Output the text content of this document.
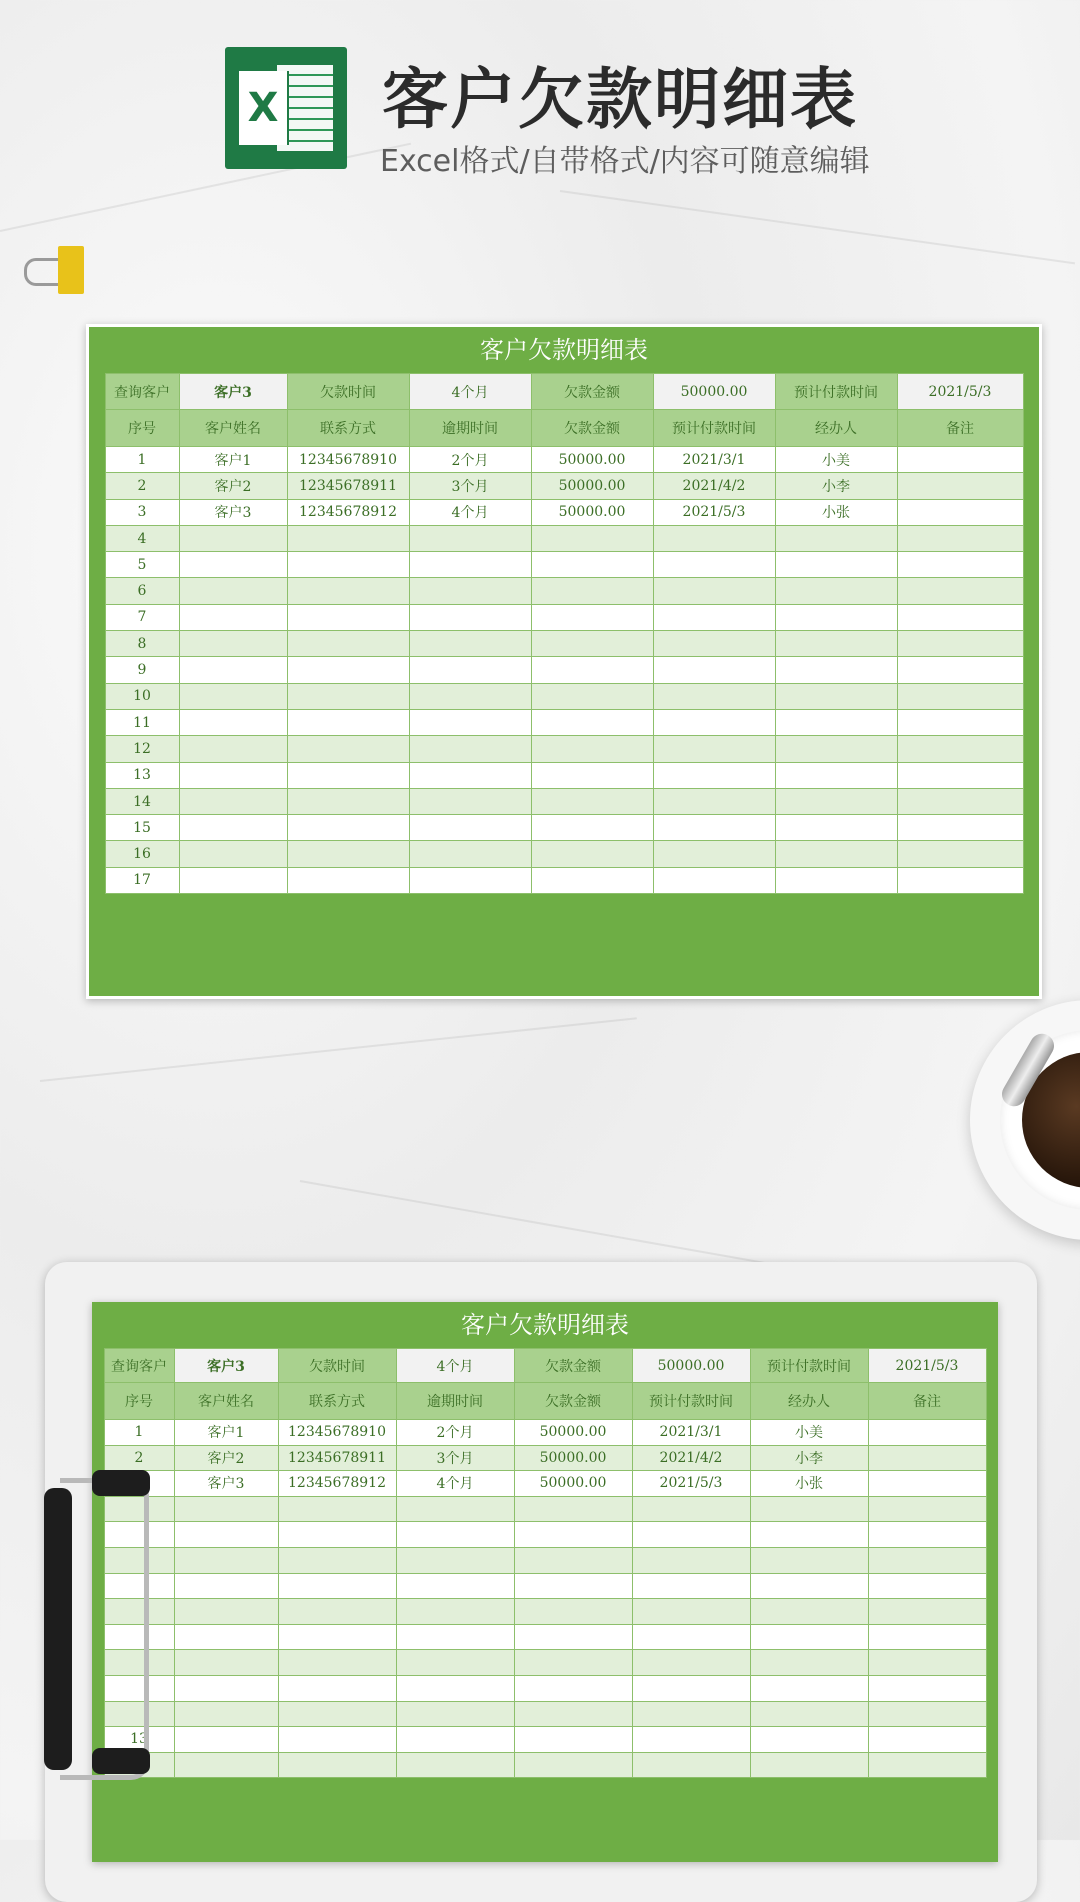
X 客户欠款明细表
Excel格式/自带格式/内容可随意编辑
客户欠款明细表
查询客户	客户3	欠款时间	4个月	欠款金额	50000.00	预计付款时间	2021/5/3
序号	客户姓名	联系方式	逾期时间	欠款金额	预计付款时间	经办人	备注
1	客户1	12345678910	2个月	50000.00	2021/3/1	小美	
2	客户2	12345678911	3个月	50000.00	2021/4/2	小李	
3	客户3	12345678912	4个月	50000.00	2021/5/3	小张	
4							
5							
6							
7							
8							
9							
10							
11							
12							
13							
14							
15							
16							
17							
客户欠款明细表
查询客户	客户3	欠款时间	4个月	欠款金额	50000.00	预计付款时间	2021/5/3
序号	客户姓名	联系方式	逾期时间	欠款金额	预计付款时间	经办人	备注
1	客户1	12345678910	2个月	50000.00	2021/3/1	小美	
2	客户2	12345678911	3个月	50000.00	2021/4/2	小李	
	客户3	12345678912	4个月	50000.00	2021/5/3	小张	

13							
